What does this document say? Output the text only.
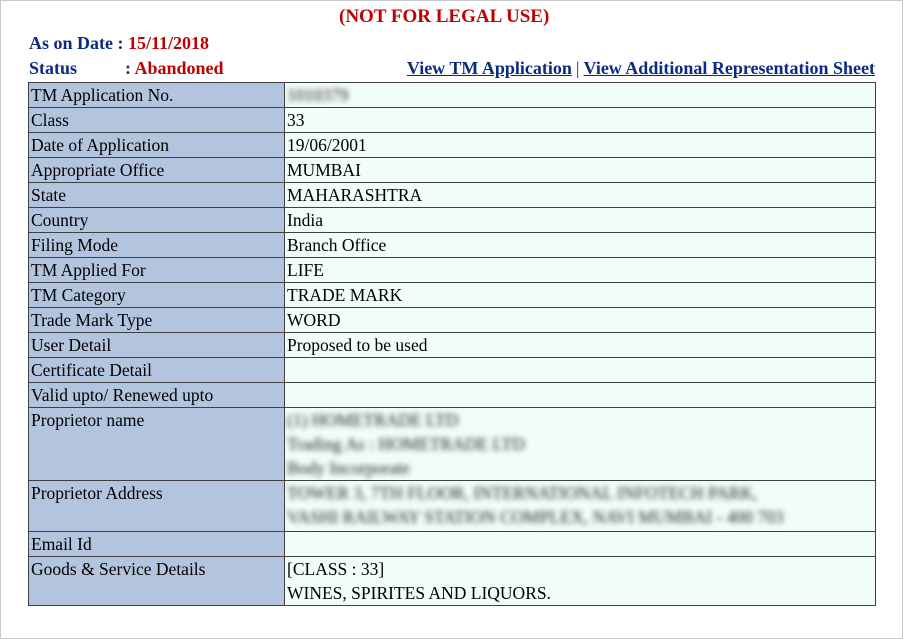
(NOT FOR LEGAL USE)
As on Date : 15/11/2018
Status	: Abandoned	View TM Application | View Additional Representation Sheet
TM Application No.	1010379
Class	33
Date of Application	19/06/2001
Appropriate Office	MUMBAI
State	MAHARASHTRA
Country	India
Filing Mode	Branch Office
TM Applied For	LIFE
TM Category	TRADE MARK
Trade Mark Type	WORD
User Detail	Proposed to be used
Certificate Detail	
Valid upto/ Renewed upto	
Proprietor name	(1) HOMETRADE LTD
Trading As : HOMETRADE LTD
Body Incorporate

Proprietor Address	TOWER 3, 7TH FLOOR, INTERNATIONAL INFOTECH PARK,
VASHI RAILWAY STATION COMPLEX, NAVI MUMBAI - 400 703

Email Id	
Goods & Service Details	[CLASS : 33]
WINES, SPIRITES AND LIQUORS.
